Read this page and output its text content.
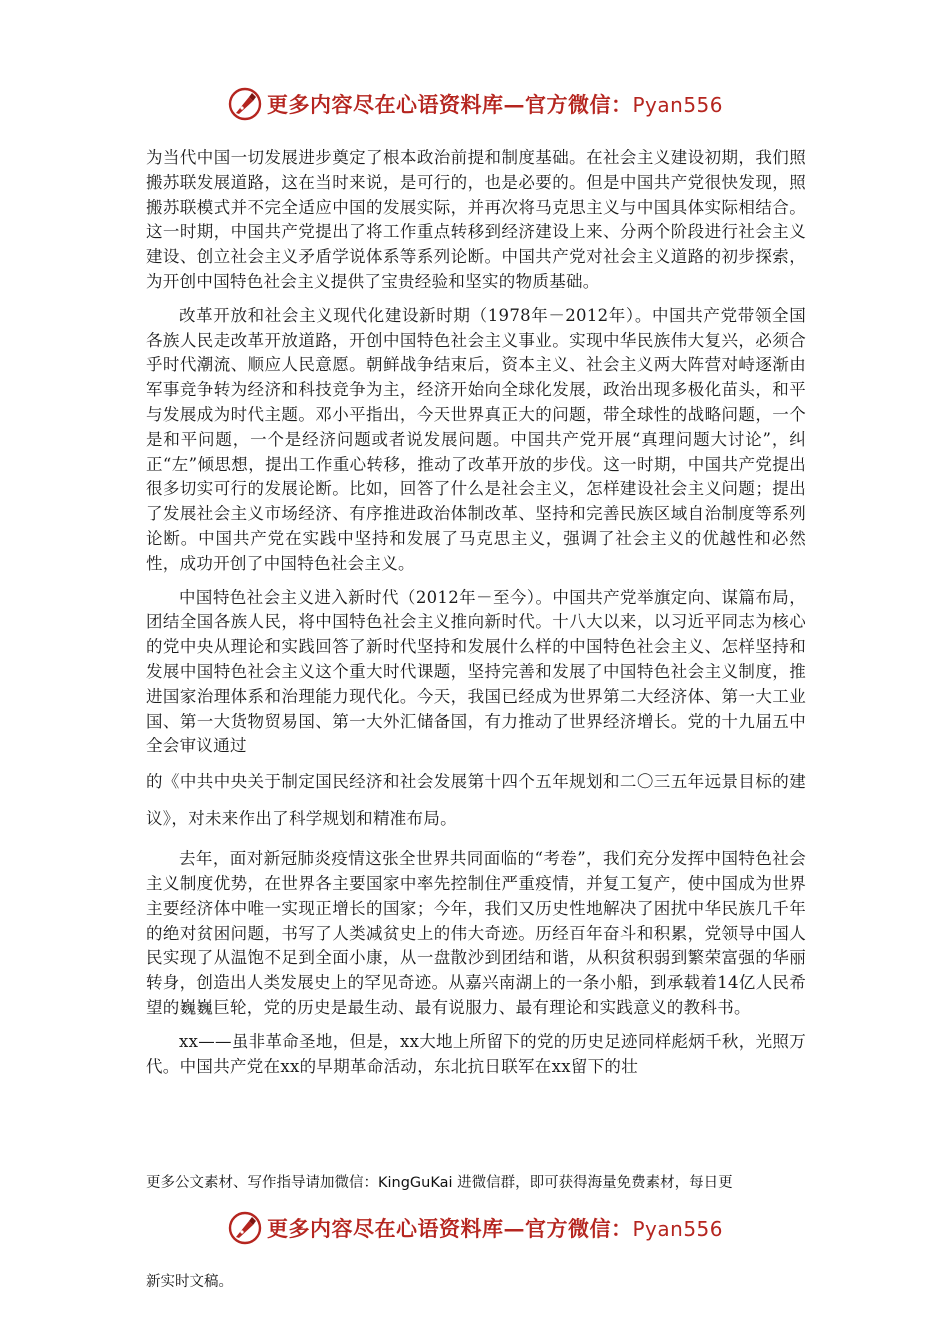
更多内容尽在心语资料库—官方微信：Pyan556

为当代中国一切发展进步奠定了根本政治前提和制度基础。在社会主义建设初期，我们照搬苏联发展道路，这在当时来说，是可行的，也是必要的。但是中国共产党很快发现，照搬苏联模式并不完全适应中国的发展实际，并再次将马克思主义与中国具体实际相结合。这一时期，中国共产党提出了将工作重点转移到经济建设上来、分两个阶段进行社会主义建设、创立社会主义矛盾学说体系等系列论断。中国共产党对社会主义道路的初步探索，为开创中国特色社会主义提供了宝贵经验和坚实的物质基础。

改革开放和社会主义现代化建设新时期（1978年－2012年）。中国共产党带领全国各族人民走改革开放道路，开创中国特色社会主义事业。实现中华民族伟大复兴，必须合乎时代潮流、顺应人民意愿。朝鲜战争结束后，资本主义、社会主义两大阵营对峙逐渐由军事竞争转为经济和科技竞争为主，经济开始向全球化发展，政治出现多极化苗头，和平与发展成为时代主题。邓小平指出，今天世界真正大的问题，带全球性的战略问题，一个是和平问题，一个是经济问题或者说发展问题。中国共产党开展“真理问题大讨论”，纠正“左”倾思想，提出工作重心转移，推动了改革开放的步伐。这一时期，中国共产党提出很多切实可行的发展论断。比如，回答了什么是社会主义，怎样建设社会主义问题；提出了发展社会主义市场经济、有序推进政治体制改革、坚持和完善民族区域自治制度等系列论断。中国共产党在实践中坚持和发展了马克思主义，强调了社会主义的优越性和必然性，成功开创了中国特色社会主义。

中国特色社会主义进入新时代（2012年－至今）。中国共产党举旗定向、谋篇布局，团结全国各族人民，将中国特色社会主义推向新时代。十八大以来，以习近平同志为核心的党中央从理论和实践回答了新时代坚持和发展什么样的中国特色社会主义、怎样坚持和发展中国特色社会主义这个重大时代课题，坚持完善和发展了中国特色社会主义制度，推进国家治理体系和治理能力现代化。今天，我国已经成为世界第二大经济体、第一大工业国、第一大货物贸易国、第一大外汇储备国，有力推动了世界经济增长。党的十九届五中全会审议通过

的《中共中央关于制定国民经济和社会发展第十四个五年规划和二〇三五年远景目标的建议》，对未来作出了科学规划和精准布局。

去年，面对新冠肺炎疫情这张全世界共同面临的“考卷”，我们充分发挥中国特色社会主义制度优势，在世界各主要国家中率先控制住严重疫情，并复工复产，使中国成为世界主要经济体中唯一实现正增长的国家；今年，我们又历史性地解决了困扰中华民族几千年的绝对贫困问题，书写了人类减贫史上的伟大奇迹。历经百年奋斗和积累，党领导中国人民实现了从温饱不足到全面小康，从一盘散沙到团结和谐，从积贫积弱到繁荣富强的华丽转身，创造出人类发展史上的罕见奇迹。从嘉兴南湖上的一条小船，到承载着14亿人民希望的巍巍巨轮，党的历史是最生动、最有说服力、最有理论和实践意义的教科书。

xx——虽非革命圣地，但是，xx大地上所留下的党的历史足迹同样彪炳千秋，光照万代。中国共产党在xx的早期革命活动，东北抗日联军在xx留下的壮

更多公文素材、写作指导请加微信：KingGuKai 进微信群，即可获得海量免费素材，每日更
更多内容尽在心语资料库—官方微信：Pyan556
新实时文稿。
